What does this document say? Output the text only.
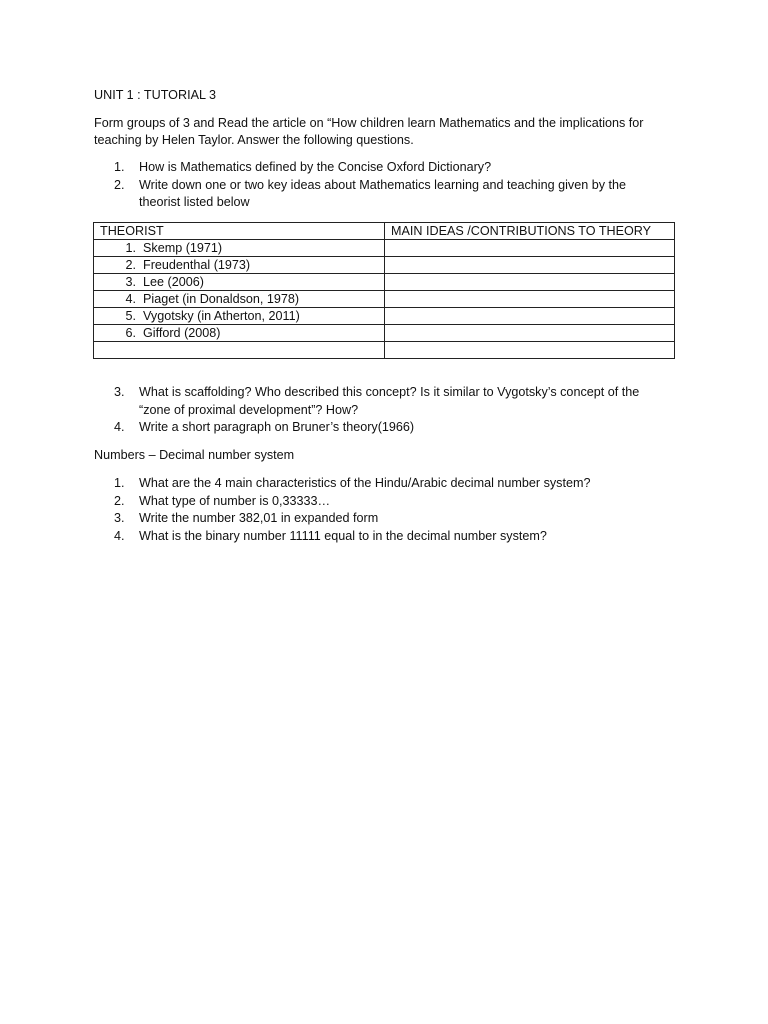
UNIT 1 : TUTORIAL 3
Form groups of 3 and Read the article on “How children learn Mathematics and the implications for
teaching by Helen Taylor. Answer the following questions.
1. How is Mathematics defined by the Concise Oxford Dictionary?
2. Write down one or two key ideas about Mathematics learning and teaching given by the
theorist listed below
THEORIST	MAIN IDEAS /CONTRIBUTIONS TO THEORY
1. Skemp (1971)	
2. Freudenthal (1973)	
3. Lee (2006)	
4. Piaget (in Donaldson, 1978)	
5. Vygotsky (in Atherton, 2011)	
6. Gifford (2008)	

3. What is scaffolding? Who described this concept? Is it similar to Vygotsky’s concept of the
“zone of proximal development”? How?
4. Write a short paragraph on Bruner’s theory(1966)
Numbers – Decimal number system
1. What are the 4 main characteristics of the Hindu/Arabic decimal number system?
2. What type of number is 0,33333…
3. Write the number 382,01 in expanded form
4. What is the binary number 11111 equal to in the decimal number system?
